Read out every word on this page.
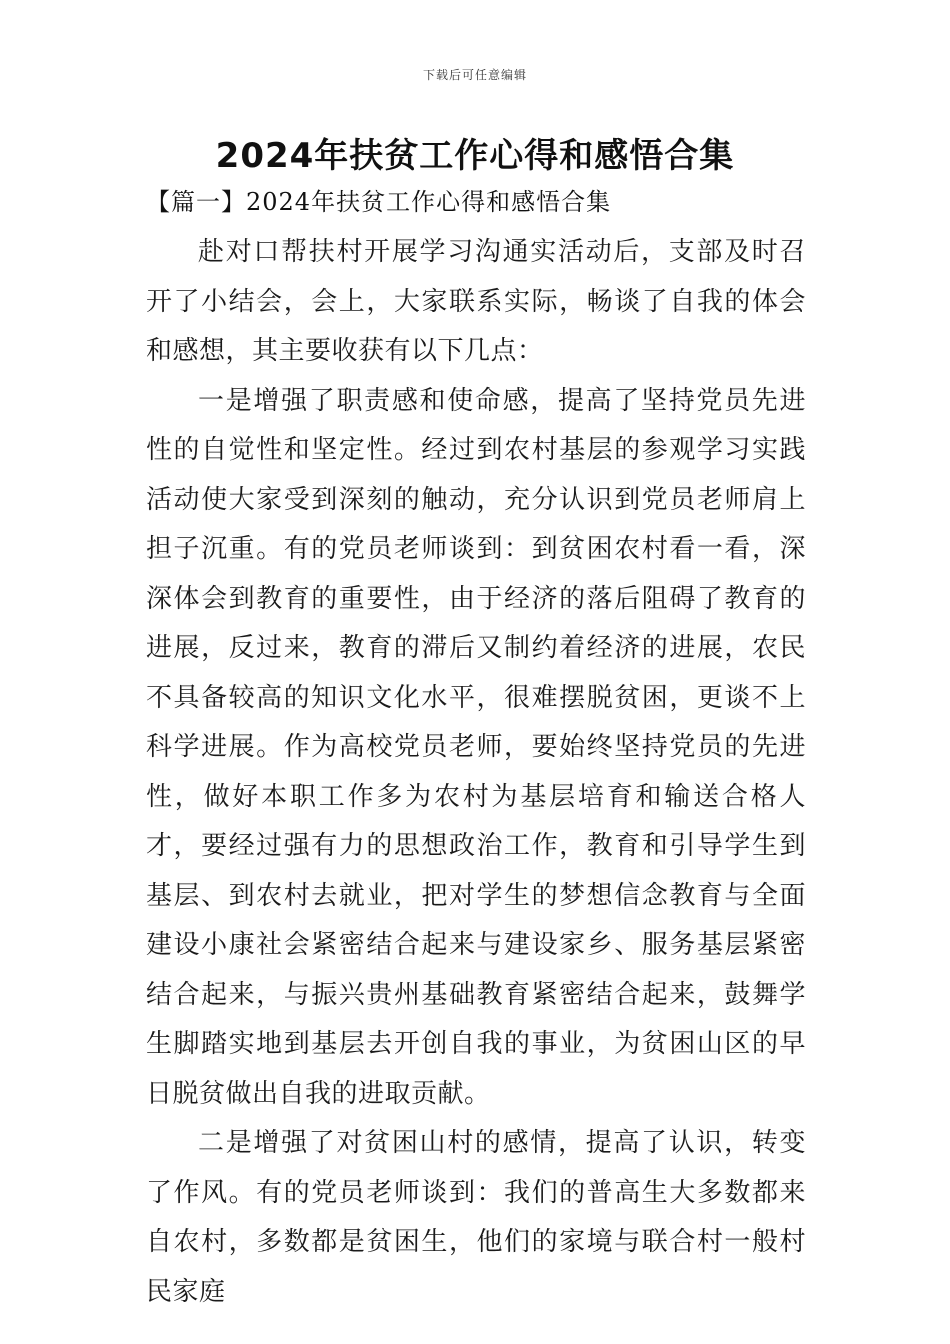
下载后可任意编辑
2024年扶贫工作心得和感悟合集
【篇一】2024年扶贫工作心得和感悟合集

赴对口帮扶村开展学习沟通实活动后，支部及时召开了小结会，会上，大家联系实际，畅谈了自我的体会和感想，其主要收获有以下几点：

一是增强了职责感和使命感，提高了坚持党员先进性的自觉性和坚定性。经过到农村基层的参观学习实践活动使大家受到深刻的触动，充分认识到党员老师肩上担子沉重。有的党员老师谈到：到贫困农村看一看，深深体会到教育的重要性，由于经济的落后阻碍了教育的进展，反过来，教育的滞后又制约着经济的进展，农民不具备较高的知识文化水平，很难摆脱贫困，更谈不上科学进展。作为高校党员老师，要始终坚持党员的先进性，做好本职工作多为农村为基层培育和输送合格人才，要经过强有力的思想政治工作，教育和引导学生到基层、到农村去就业，把对学生的梦想信念教育与全面建设小康社会紧密结合起来与建设家乡、服务基层紧密结合起来，与振兴贵州基础教育紧密结合起来，鼓舞学生脚踏实地到基层去开创自我的事业，为贫困山区的早日脱贫做出自我的进取贡献。

二是增强了对贫困山村的感情，提高了认识，转变了作风。有的党员老师谈到：我们的普高生大多数都来自农村，多数都是贫困生，他们的家境与联合村一般村民家庭
